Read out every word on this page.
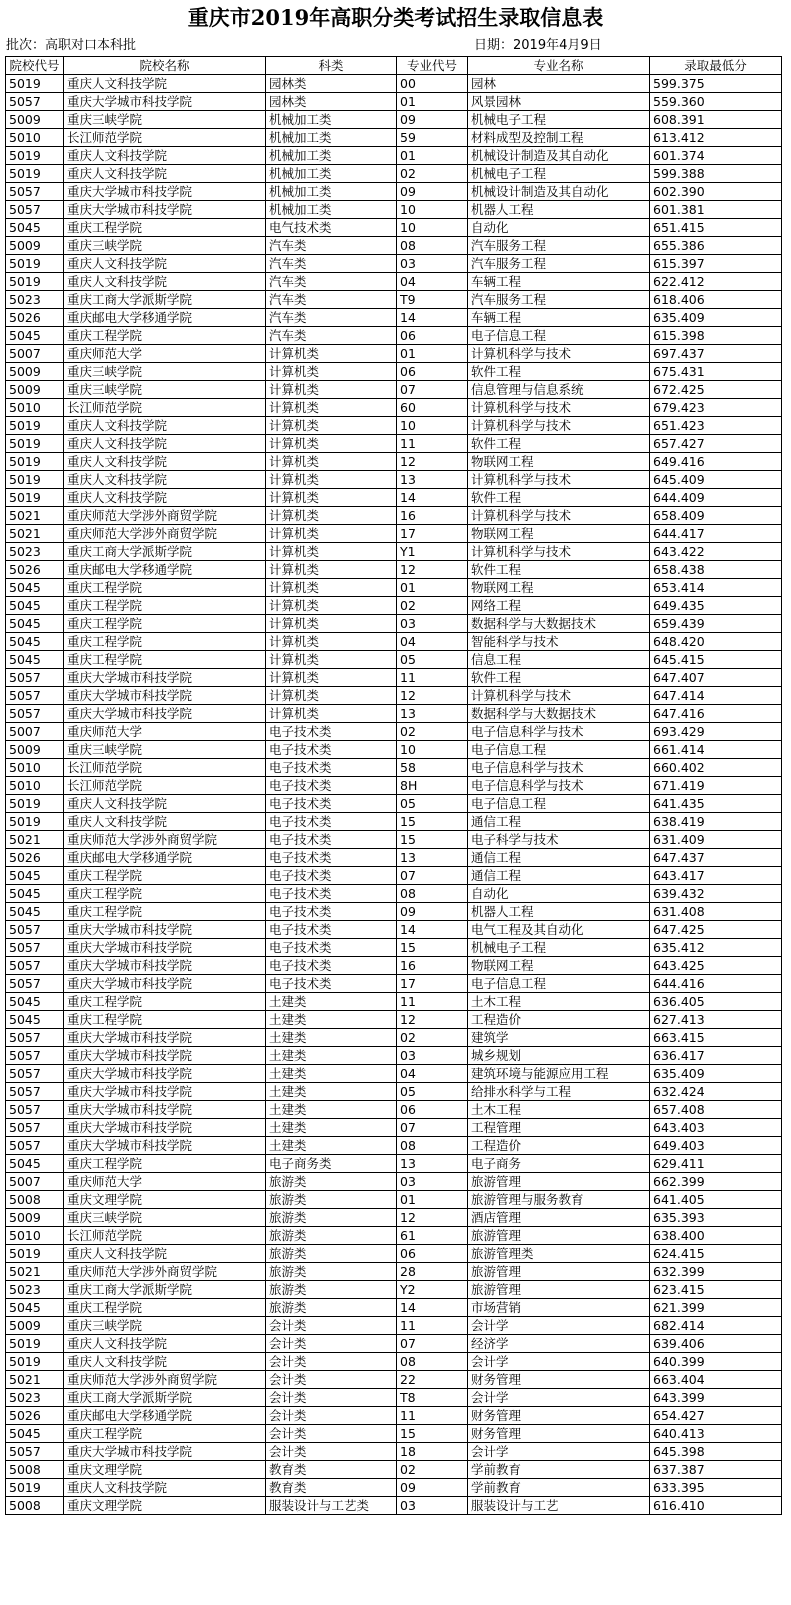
重庆市2019年高职分类考试招生录取信息表
批次：高职对口本科批	日期：2019年4月9日
院校代号	院校名称	科类	专业代号	专业名称	录取最低分
5019	重庆人文科技学院	园林类	00	园林	599.375
5057	重庆大学城市科技学院	园林类	01	风景园林	559.360
5009	重庆三峡学院	机械加工类	09	机械电子工程	608.391
5010	长江师范学院	机械加工类	59	材料成型及控制工程	613.412
5019	重庆人文科技学院	机械加工类	01	机械设计制造及其自动化	601.374
5019	重庆人文科技学院	机械加工类	02	机械电子工程	599.388
5057	重庆大学城市科技学院	机械加工类	09	机械设计制造及其自动化	602.390
5057	重庆大学城市科技学院	机械加工类	10	机器人工程	601.381
5045	重庆工程学院	电气技术类	10	自动化	651.415
5009	重庆三峡学院	汽车类	08	汽车服务工程	655.386
5019	重庆人文科技学院	汽车类	03	汽车服务工程	615.397
5019	重庆人文科技学院	汽车类	04	车辆工程	622.412
5023	重庆工商大学派斯学院	汽车类	T9	汽车服务工程	618.406
5026	重庆邮电大学移通学院	汽车类	14	车辆工程	635.409
5045	重庆工程学院	汽车类	06	电子信息工程	615.398
5007	重庆师范大学	计算机类	01	计算机科学与技术	697.437
5009	重庆三峡学院	计算机类	06	软件工程	675.431
5009	重庆三峡学院	计算机类	07	信息管理与信息系统	672.425
5010	长江师范学院	计算机类	60	计算机科学与技术	679.423
5019	重庆人文科技学院	计算机类	10	计算机科学与技术	651.423
5019	重庆人文科技学院	计算机类	11	软件工程	657.427
5019	重庆人文科技学院	计算机类	12	物联网工程	649.416
5019	重庆人文科技学院	计算机类	13	计算机科学与技术	645.409
5019	重庆人文科技学院	计算机类	14	软件工程	644.409
5021	重庆师范大学涉外商贸学院	计算机类	16	计算机科学与技术	658.409
5021	重庆师范大学涉外商贸学院	计算机类	17	物联网工程	644.417
5023	重庆工商大学派斯学院	计算机类	Y1	计算机科学与技术	643.422
5026	重庆邮电大学移通学院	计算机类	12	软件工程	658.438
5045	重庆工程学院	计算机类	01	物联网工程	653.414
5045	重庆工程学院	计算机类	02	网络工程	649.435
5045	重庆工程学院	计算机类	03	数据科学与大数据技术	659.439
5045	重庆工程学院	计算机类	04	智能科学与技术	648.420
5045	重庆工程学院	计算机类	05	信息工程	645.415
5057	重庆大学城市科技学院	计算机类	11	软件工程	647.407
5057	重庆大学城市科技学院	计算机类	12	计算机科学与技术	647.414
5057	重庆大学城市科技学院	计算机类	13	数据科学与大数据技术	647.416
5007	重庆师范大学	电子技术类	02	电子信息科学与技术	693.429
5009	重庆三峡学院	电子技术类	10	电子信息工程	661.414
5010	长江师范学院	电子技术类	58	电子信息科学与技术	660.402
5010	长江师范学院	电子技术类	8H	电子信息科学与技术	671.419
5019	重庆人文科技学院	电子技术类	05	电子信息工程	641.435
5019	重庆人文科技学院	电子技术类	15	通信工程	638.419
5021	重庆师范大学涉外商贸学院	电子技术类	15	电子科学与技术	631.409
5026	重庆邮电大学移通学院	电子技术类	13	通信工程	647.437
5045	重庆工程学院	电子技术类	07	通信工程	643.417
5045	重庆工程学院	电子技术类	08	自动化	639.432
5045	重庆工程学院	电子技术类	09	机器人工程	631.408
5057	重庆大学城市科技学院	电子技术类	14	电气工程及其自动化	647.425
5057	重庆大学城市科技学院	电子技术类	15	机械电子工程	635.412
5057	重庆大学城市科技学院	电子技术类	16	物联网工程	643.425
5057	重庆大学城市科技学院	电子技术类	17	电子信息工程	644.416
5045	重庆工程学院	土建类	11	土木工程	636.405
5045	重庆工程学院	土建类	12	工程造价	627.413
5057	重庆大学城市科技学院	土建类	02	建筑学	663.415
5057	重庆大学城市科技学院	土建类	03	城乡规划	636.417
5057	重庆大学城市科技学院	土建类	04	建筑环境与能源应用工程	635.409
5057	重庆大学城市科技学院	土建类	05	给排水科学与工程	632.424
5057	重庆大学城市科技学院	土建类	06	土木工程	657.408
5057	重庆大学城市科技学院	土建类	07	工程管理	643.403
5057	重庆大学城市科技学院	土建类	08	工程造价	649.403
5045	重庆工程学院	电子商务类	13	电子商务	629.411
5007	重庆师范大学	旅游类	03	旅游管理	662.399
5008	重庆文理学院	旅游类	01	旅游管理与服务教育	641.405
5009	重庆三峡学院	旅游类	12	酒店管理	635.393
5010	长江师范学院	旅游类	61	旅游管理	638.400
5019	重庆人文科技学院	旅游类	06	旅游管理类	624.415
5021	重庆师范大学涉外商贸学院	旅游类	28	旅游管理	632.399
5023	重庆工商大学派斯学院	旅游类	Y2	旅游管理	623.415
5045	重庆工程学院	旅游类	14	市场营销	621.399
5009	重庆三峡学院	会计类	11	会计学	682.414
5019	重庆人文科技学院	会计类	07	经济学	639.406
5019	重庆人文科技学院	会计类	08	会计学	640.399
5021	重庆师范大学涉外商贸学院	会计类	22	财务管理	663.404
5023	重庆工商大学派斯学院	会计类	T8	会计学	643.399
5026	重庆邮电大学移通学院	会计类	11	财务管理	654.427
5045	重庆工程学院	会计类	15	财务管理	640.413
5057	重庆大学城市科技学院	会计类	18	会计学	645.398
5008	重庆文理学院	教育类	02	学前教育	637.387
5019	重庆人文科技学院	教育类	09	学前教育	633.395
5008	重庆文理学院	服装设计与工艺类	03	服装设计与工艺	616.410
